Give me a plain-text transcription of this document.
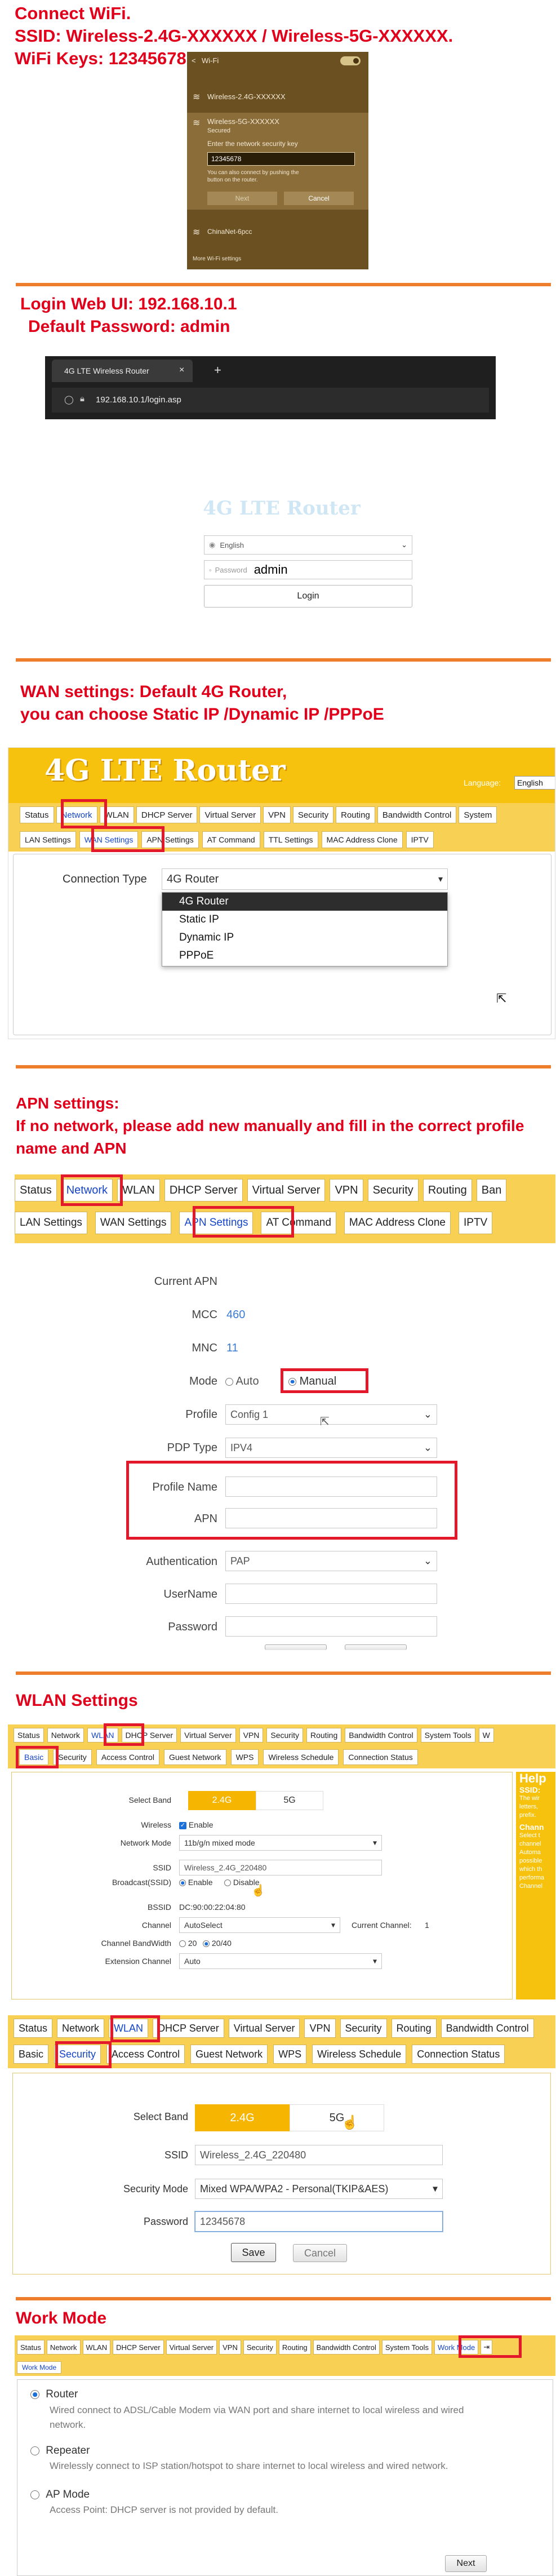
Connect WiFi.
SSID: Wireless-2.4G-XXXXXX / Wireless-5G-XXXXXX.
WiFi Keys: 12345678 < Wi-Fi
≋ Wireless-2.4G-XXXXXX
≋ Wireless-5G-XXXXXX
Secured
Enter the network security key
12345678
You can also connect by pushing the button on the router.
Next	Cancel
≋ ChinaNet-6pcc
More Wi-Fi settings
Login Web UI: 192.168.10.1
Default Password: admin
4G LTE Wireless Router	× +
◯ 🔒︎ 192.168.10.1/login.asp
4G LTE Router
◉ English	⌄
◦ Password admin
Login
WAN settings: Default 4G Router,
you can choose Static IP /Dynamic IP /PPPoE
4G LTE Router	Language:	English
Status	Network	WLAN	DHCP Server	Virtual Server	VPN	Security	Routing	Bandwidth Control	System
LAN Settings	WAN Settings	APN Settings	AT Command	TTL Settings	MAC Address Clone	IPTV
Connection Type 4G Router	▾
4G Router
Static IP
Dynamic IP
PPPoE
⇱
APN settings:
If no network, please add new manually and fill in the correct profile
name and APN
Status	Network	WLAN	DHCP Server	Virtual Server	VPN	Security	Routing	Ban
LAN Settings	WAN Settings	APN Settings	AT Command	MAC Address Clone	IPTV
Current APN
MCC 460
MNC 11
Mode	Auto	Manual
Profile Config 1	⌄
⇱
PDP Type IPV4	⌄
Profile Name
APN
Authentication PAP	⌄
UserName
Password
WLAN Settings
Status	Network	WLAN	DHCP Server	Virtual Server	VPN	Security	Routing	Bandwidth Control	System Tools	W
Basic	Security	Access Control	Guest Network	WPS	Wireless Schedule	Connection Status
Select Band	2.4G	5G
Wireless ✓ Enable
Network Mode 11b/g/n mixed mode	▾
SSID Wireless_2.4G_220480
Broadcast(SSID)	Enable	Disable
☝
BSSID DC:90:00:22:04:80
Channel AutoSelect	▾ Current Channel: 1
Channel BandWidth	20	20/40
Extension Channel Auto	▾
Help
SSID:
The wir
letters,
prefix.
Chann
Select t
channel
Automa
possible
which th
performa
Channel
Status	Network	WLAN	DHCP Server	Virtual Server	VPN	Security	Routing	Bandwidth Control
Basic	Security	Access Control	Guest Network	WPS	Wireless Schedule	Connection Status
Select Band	2.4G	5G
☝
SSID Wireless_2.4G_220480
Security Mode Mixed WPA/WPA2 - Personal(TKIP&AES)	▾
Password 12345678
Save	Cancel
Work Mode
Status	Network	WLAN	DHCP Server	Virtual Server	VPN	Security	Routing	Bandwidth Control	System Tools	Work Mode	⇥
Work Mode
Router
Wired connect to ADSL/Cable Modem via WAN port and share internet to local wireless and wired
network.
Repeater
Wirelessly connect to ISP station/hotspot to share internet to local wireless and wired network.
AP Mode
Access Point: DHCP server is not provided by default.
Next
